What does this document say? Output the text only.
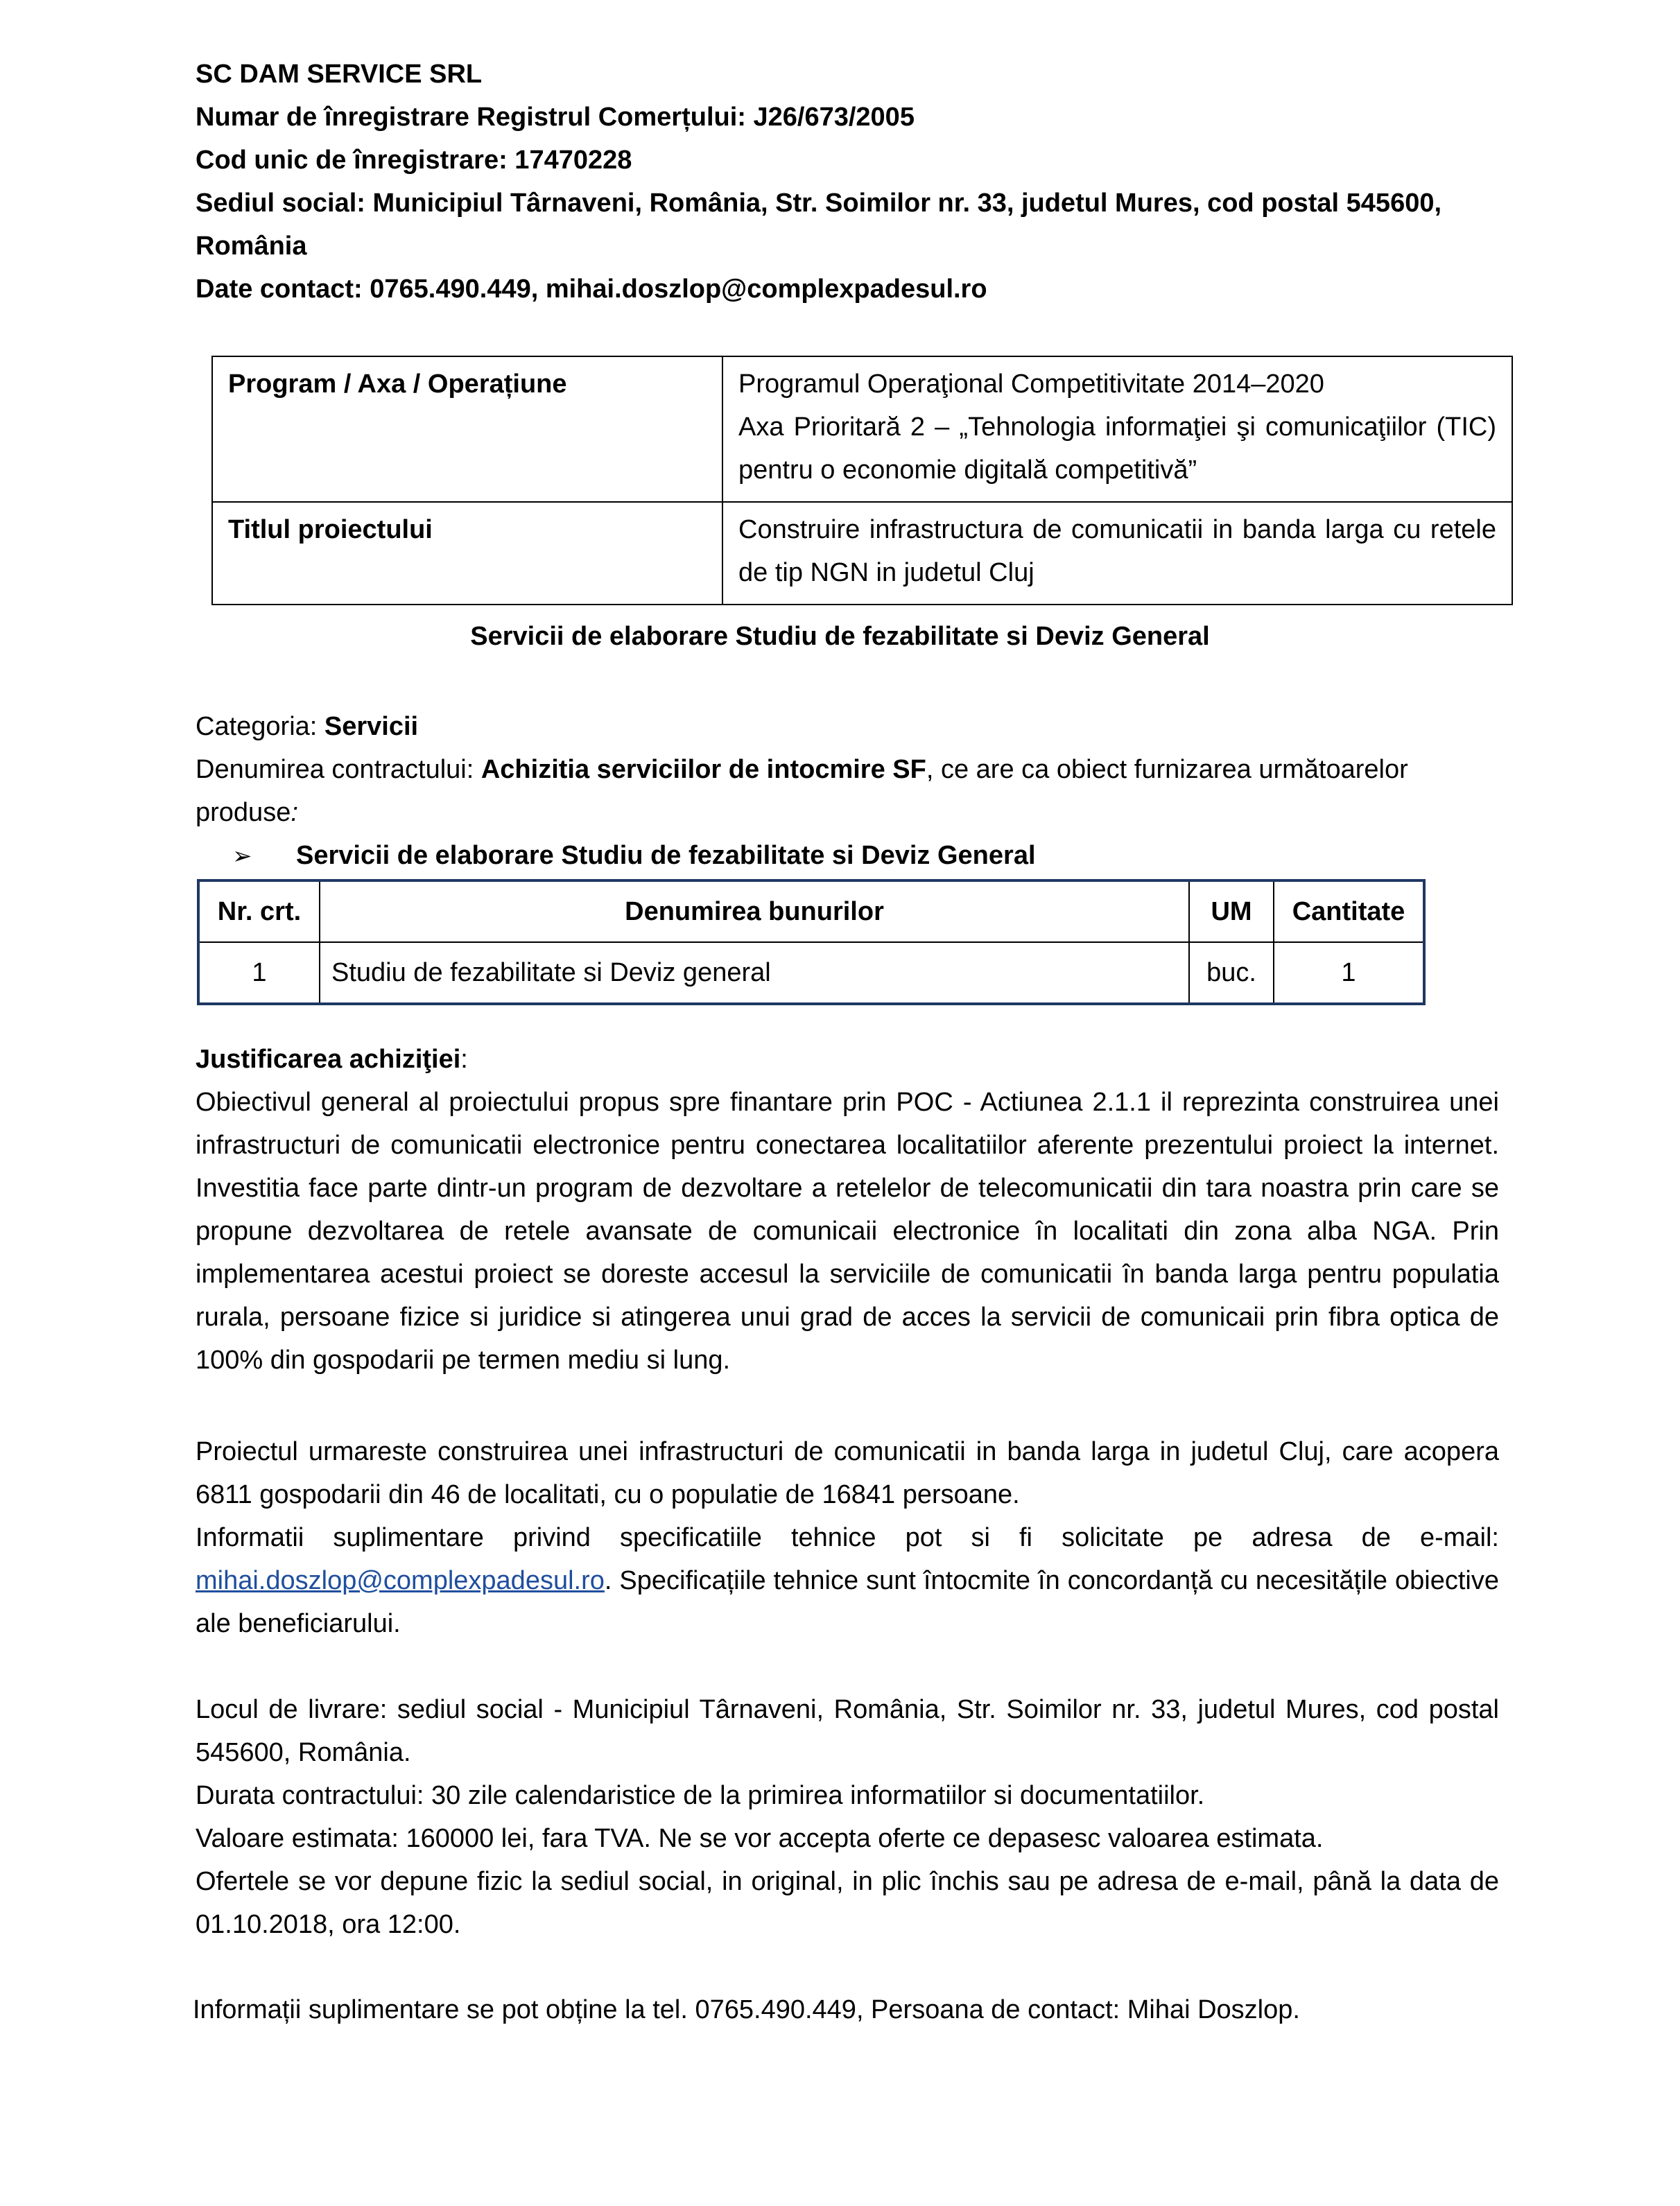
SC DAM SERVICE SRL
Numar de înregistrare Registrul Comerțului: J26/673/2005
Cod unic de înregistrare: 17470228
Sediul social: Municipiul Târnaveni, România, Str. Soimilor nr. 33, judetul Mures, cod postal 545600,
România
Date contact: 0765.490.449, mihai.doszlop@complexpadesul.ro
Program / Axa / Operațiune	Programul Operaţional Competitivitate 2014–2020
Axa Prioritară 2 – „Tehnologia informaţiei şi comunicaţiilor (TIC) pentru o economie digitală competitivă”
Titlul proiectului	Construire infrastructura de comunicatii in banda larga cu retele de tip NGN in judetul Cluj
Servicii de elaborare Studiu de fezabilitate si Deviz General

Categoria: Servicii

Denumirea contractului: Achizitia serviciilor de intocmire SF, ce are ca obiect furnizarea următoarelor produse:

➢ Servicii de elaborare Studiu de fezabilitate si Deviz General
Nr. crt.	Denumirea bunurilor	UM	Cantitate
1	Studiu de fezabilitate si Deviz general	buc.	1

Justificarea achiziţiei:

Obiectivul general al proiectului propus spre finantare prin POC - Actiunea 2.1.1 il reprezinta construirea unei infrastructuri de comunicatii electronice pentru conectarea localitatiilor aferente prezentului proiect la internet. Investitia face parte dintr-un program de dezvoltare a retelelor de telecomunicatii din tara noastra prin care se propune dezvoltarea de retele avansate de comunicaii electronice în localitati din zona alba NGA. Prin implementarea acestui proiect se doreste accesul la serviciile de comunicatii în banda larga pentru populatia rurala, persoane fizice si juridice si atingerea unui grad de acces la servicii de comunicaii prin fibra optica de 100% din gospodarii pe termen mediu si lung.

Proiectul urmareste construirea unei infrastructuri de comunicatii in banda larga in judetul Cluj, care acopera 6811 gospodarii din 46 de localitati, cu o populatie de 16841 persoane.

Informatii suplimentare privind specificatiile tehnice pot si fi solicitate pe adresa de e-mail: mihai.doszlop@complexpadesul.ro. Specificațiile tehnice sunt întocmite în concordanță cu necesitățile obiective ale beneficiarului.

Locul de livrare: sediul social - Municipiul Târnaveni, România, Str. Soimilor nr. 33, judetul Mures, cod postal 545600, România.

Durata contractului: 30 zile calendaristice de la primirea informatiilor si documentatiilor.

Valoare estimata: 160000 lei, fara TVA. Ne se vor accepta oferte ce depasesc valoarea estimata.

Ofertele se vor depune fizic la sediul social, in original, in plic închis sau pe adresa de e-mail, până la data de 01.10.2018, ora 12:00.

Informații suplimentare se pot obține la tel. 0765.490.449, Persoana de contact: Mihai Doszlop.
